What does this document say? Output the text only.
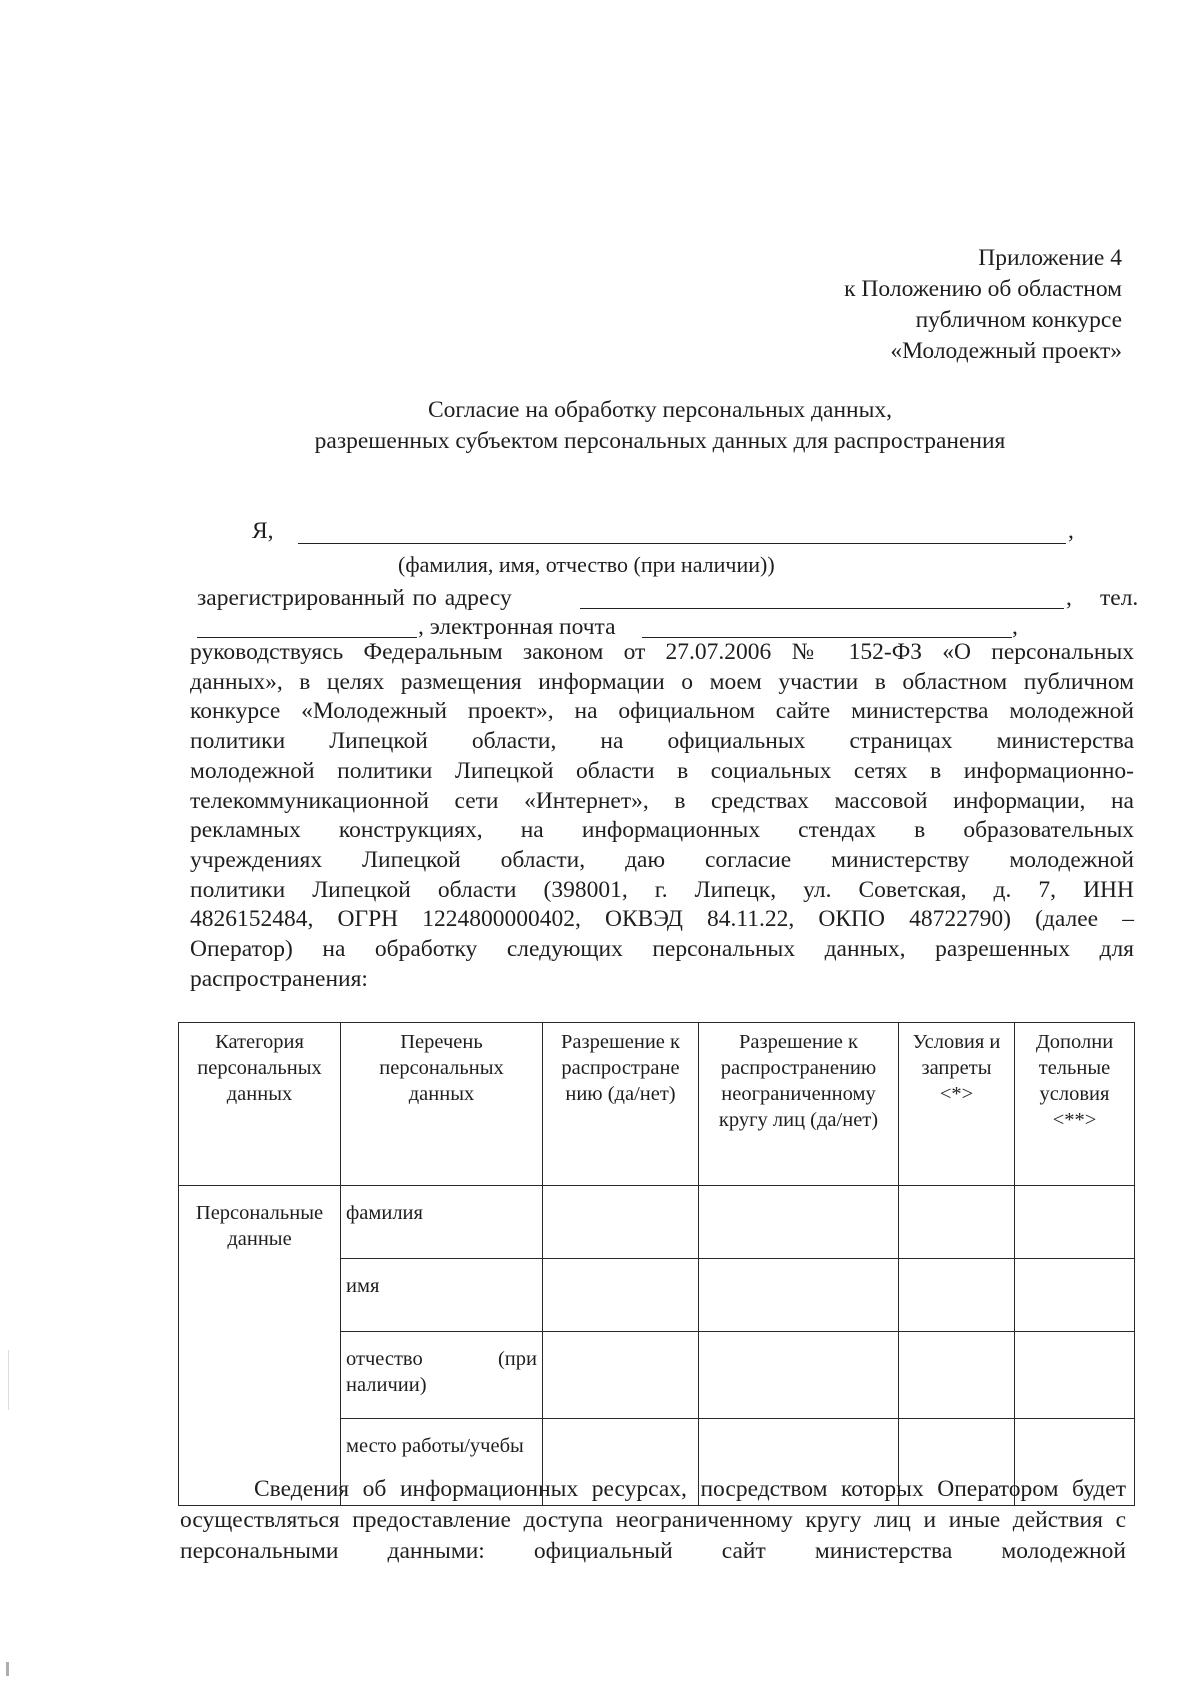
Приложение 4
к Положению об областном
публичном конкурсе
«Молодежный проект»
Согласие на обработку персональных данных,
разрешенных субъектом персональных данных для распространения
Я,	,
(фамилия, имя, отчество (при наличии))
зарегистрированный по адресу	, тел.
, электронная почта	,
руководствуясь Федеральным законом от 27.07.2006 № 152-ФЗ «О персональных
данных», в целях размещения информации о моем участии в областном публичном
конкурсе «Молодежный проект», на официальном сайте министерства молодежной
политики Липецкой области, на официальных страницах министерства
молодежной политики Липецкой области в социальных сетях в информационно-
телекоммуникационной сети «Интернет», в средствах массовой информации, на
рекламных конструкциях, на информационных стендах в образовательных
учреждениях Липецкой области, даю согласие министерству молодежной
политики Липецкой области (398001, г. Липецк, ул. Советская, д. 7, ИНН
4826152484, ОГРН 1224800000402, ОКВЭД 84.11.22, ОКПО 48722790) (далее –
Оператор) на обработку следующих персональных данных, разрешенных для
распространения:
Категория персональных данных	Перечень персональных данных	Разрешение к распростране нию (да/нет)	Разрешение к распространению неограниченному кругу лиц (да/нет)	Условия и запреты <*>	Дополни тельные условия <**>
Персональные данные	фамилия				
	имя				

	отчество (при наличии)				

	место работы/учебы				
Сведения об информационных ресурсах, посредством которых Оператором будет осуществляться предоставление доступа неограниченному кругу лиц и иные действия с персональными данными: официальный сайт министерства молодежной
